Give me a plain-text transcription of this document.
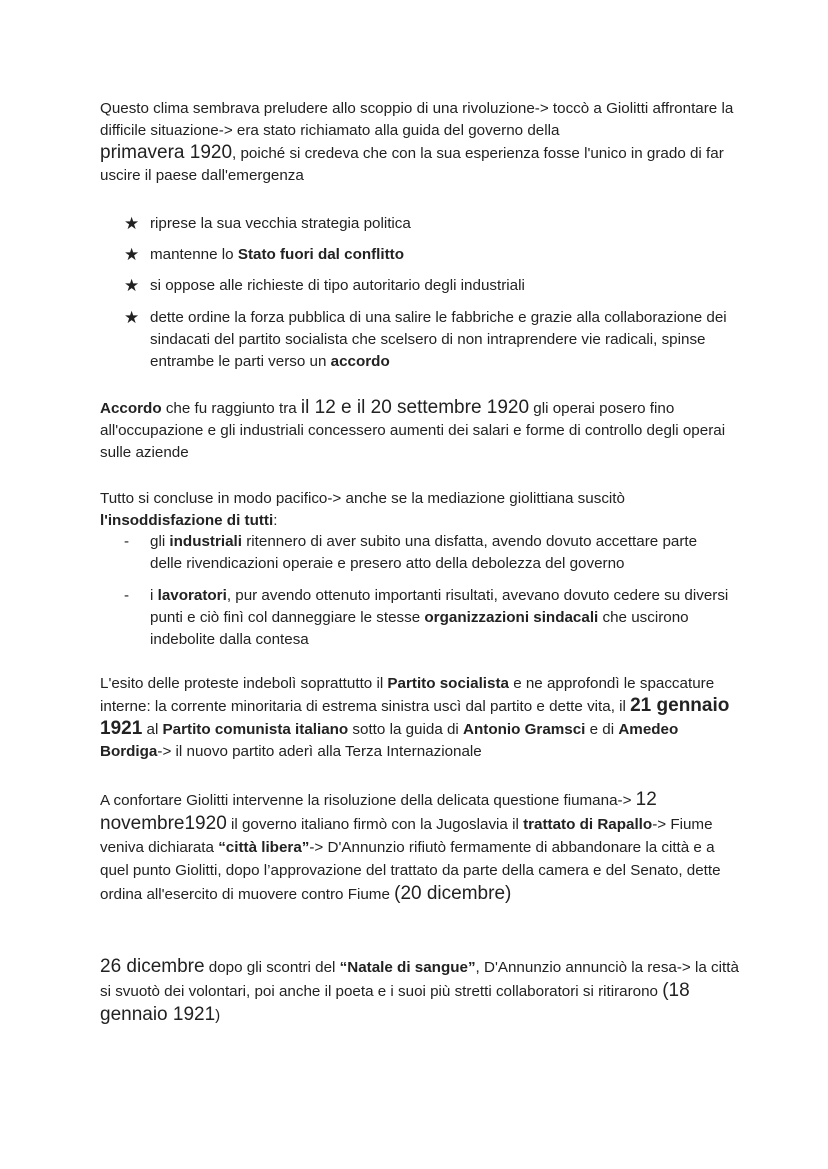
Questo clima sembrava preludere allo scoppio di una rivoluzione-> toccò a Giolitti affrontare la difficile situazione-> era stato richiamato alla guida del governo della
primavera 1920, poiché si credeva che con la sua esperienza fosse l'unico in grado di far uscire il paese dall'emergenza

★ riprese la sua vecchia strategia politica

★ mantenne lo Stato fuori dal conflitto

★ si oppose alle richieste di tipo autoritario degli industriali

★ dette ordine la forza pubblica di una salire le fabbriche e grazie alla collaborazione dei sindacati del partito socialista che scelsero di non intraprendere vie radicali, spinse entrambe le parti verso un accordo

Accordo che fu raggiunto tra il 12 e il 20 settembre 1920 gli operai posero fino all'occupazione e gli industriali concessero aumenti dei salari e forme di controllo degli operai sulle aziende

Tutto si concluse in modo pacifico-> anche se la mediazione giolittiana suscitò l'insoddisfazione di tutti:

- gli industriali ritennero di aver subito una disfatta, avendo dovuto accettare parte delle rivendicazioni operaie e presero atto della debolezza del governo

- i lavoratori, pur avendo ottenuto importanti risultati, avevano dovuto cedere su diversi punti e ciò finì col danneggiare le stesse organizzazioni sindacali che uscirono indebolite dalla contesa

L'esito delle proteste indebolì soprattutto il Partito socialista e ne approfondì le spaccature interne: la corrente minoritaria di estrema sinistra uscì dal partito e dette vita, il 21 gennaio 1921 al Partito comunista italiano sotto la guida di Antonio Gramsci e di Amedeo Bordiga-> il nuovo partito aderì alla Terza Internazionale

A confortare Giolitti intervenne la risoluzione della delicata questione fiumana-> 12 novembre1920 il governo italiano firmò con la Jugoslavia il trattato di Rapallo-> Fiume veniva dichiarata “città libera”-> D'Annunzio rifiutò fermamente di abbandonare la città e a quel punto Giolitti, dopo l’approvazione del trattato da parte della camera e del Senato, dette ordina all'esercito di muovere contro Fiume (20 dicembre)

26 dicembre dopo gli scontri del “Natale di sangue”, D'Annunzio annunciò la resa-> la città si svuotò dei volontari, poi anche il poeta e i suoi più stretti collaboratori si ritirarono (18 gennaio 1921)
